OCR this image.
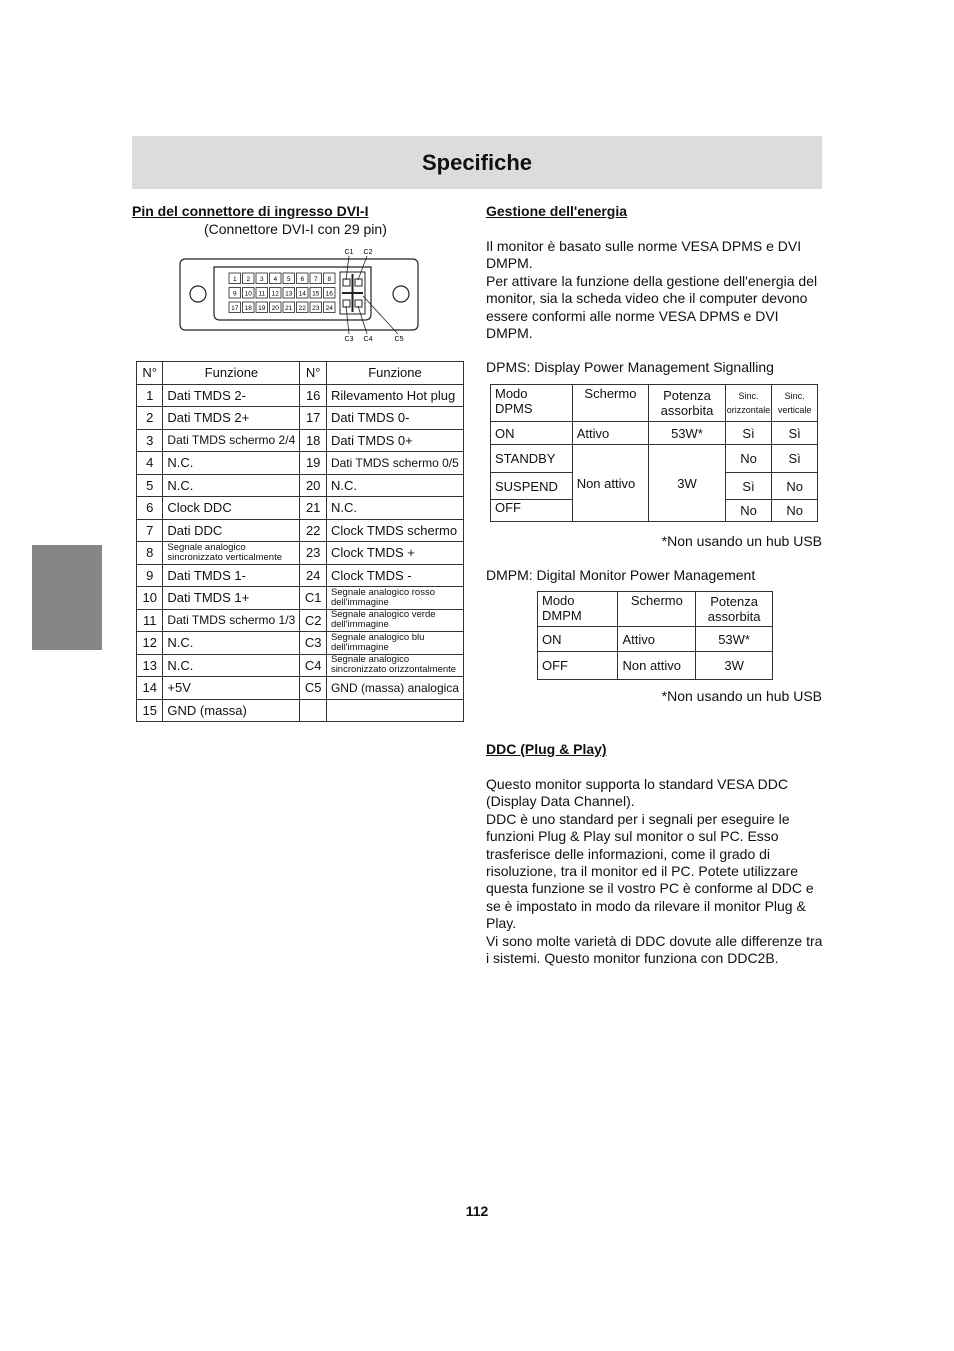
Specifiche

Pin del connettore di ingresso DVI-I

(Connettore DVI-I con 29 pin)

1 2 3 4 5 6 7 8
9 10 11 12 13 14 15 16
17 18 19 20 21 22 23 24
C1 C2
C3 C4	C5
N°	Funzione	N°	Funzione
1	Dati TMDS 2-	16	Rilevamento Hot plug
2	Dati TMDS 2+	17	Dati TMDS 0-
3	Dati TMDS schermo 2/4	18	Dati TMDS 0+
4	N.C.	19	Dati TMDS schermo 0/5
5	N.C.	20	N.C.
6	Clock DDC	21	N.C.
7	Dati DDC	22	Clock TMDS schermo
8	Segnale analogico sincronizzato verticalmente	23	Clock TMDS +
9	Dati TMDS 1-	24	Clock TMDS -
10	Dati TMDS 1+	C1	Segnale analogico rosso dell'immagine
11	Dati TMDS schermo 1/3	C2	Segnale analogico verde dell'immagine
12	N.C.	C3	Segnale analogico blu dell'immagine
13	N.C.	C4	Segnale analogico sincronizzato orizzontalmente
14	+5V	C5	GND (massa) analogica
15	GND (massa)		

Gestione dell'energia

Il monitor è basato sulle norme VESA DPMS e DVI DMPM.

Per attivare la funzione della gestione dell'energia del monitor, sia la scheda video che il computer devono essere conformi alle norme VESA DPMS e DVI DMPM.

DPMS: Display Power Management Signalling

Modo DPMS	Schermo	Potenza assorbita	Sinc. orizzontale	Sinc. verticale
ON	Attivo	53W*	Sì	Sì
STANDBY	Non attivo	3W	No	Sì
SUSPEND			Sì	No
OFF			No	No

*Non usando un hub USB

DMPM: Digital Monitor Power Management

Modo DMPM	Schermo	Potenza assorbita
ON	Attivo	53W*
OFF	Non attivo	3W

*Non usando un hub USB

DDC (Plug & Play)

Questo monitor supporta lo standard VESA DDC (Display Data Channel).

DDC è uno standard per i segnali per eseguire le funzioni Plug & Play sul monitor o sul PC. Esso trasferisce delle informazioni, come il grado di risoluzione, tra il monitor ed il PC. Potete utilizzare questa funzione se il vostro PC è conforme al DDC e se è impostato in modo da rilevare il monitor Plug & Play.

Vi sono molte varietà di DDC dovute alle differenze tra i sistemi. Questo monitor funziona con DDC2B.

112
